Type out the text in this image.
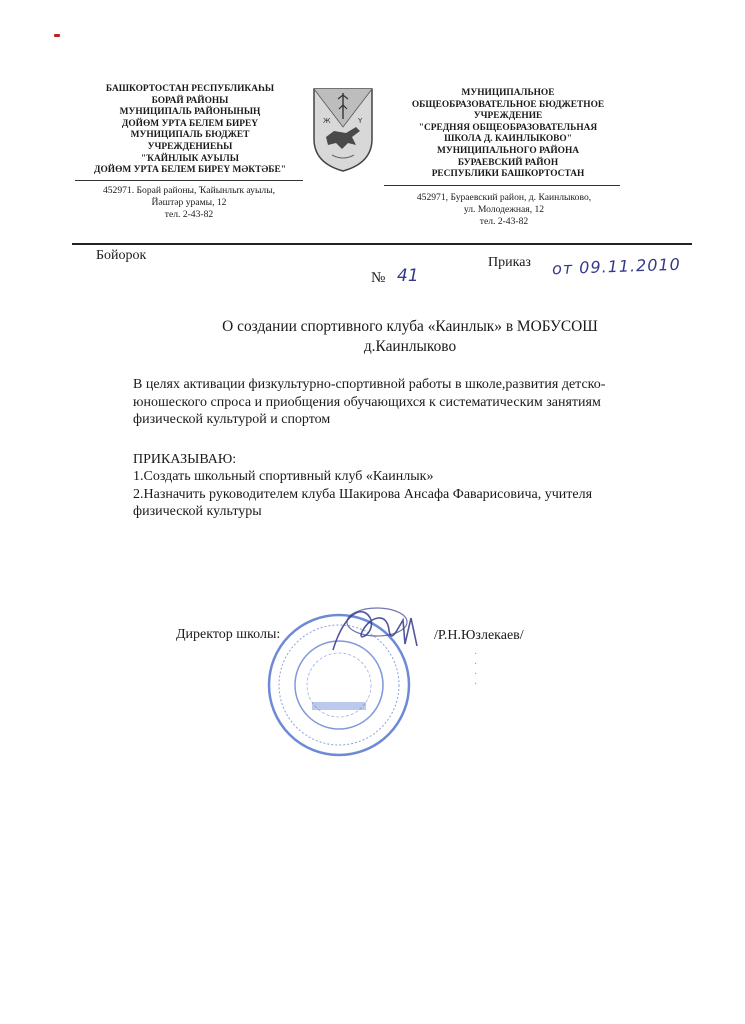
БАШКОРТОСТАН РЕСПУБЛИКАҺЫ
БОРАЙ РАЙОНЫ
МУНИЦИПАЛЬ РАЙОНЫНЫҢ
ДОЙӨМ УРТА БЕЛЕМ БИРЕҮ
МУНИЦИПАЛЬ БЮДЖЕТ
УЧРЕЖДЕНИЕҺЫ
"ҠАЙНЛЫК АУЫЛЫ
ДОЙӨМ УРТА БЕЛЕМ БИРЕҮ МӘКТӘБЕ"
452971. Борай районы, Ҡайынлыҡ ауылы,
Йәштәр урамы, 12
тел. 2-43-82
Ж	Ү
МУНИЦИПАЛЬНОЕ
ОБЩЕОБРАЗОВАТЕЛЬНОЕ БЮДЖЕТНОЕ
УЧРЕЖДЕНИЕ
"СРЕДНЯЯ ОБЩЕОБРАЗОВАТЕЛЬНАЯ
ШКОЛА Д. КАИНЛЫКОВО"
МУНИЦИПАЛЬНОГО РАЙОНА
БУРАЕВСКИЙ РАЙОН
РЕСПУБЛИКИ БАШКОРТОСТАН
452971, Бураевский район, д. Каинлыково,
ул. Молодежная, 12
тел. 2-43-82
Бойорок	Приказ от 09.11.2010
№ 41
О создании спортивного клуба «Каинлык» в МОБУСОШ
д.Каинлыково

В целях активации физкультурно-спортивной работы в школе,развития детско-юношеского спроса и приобщения обучающихся к систематическим занятиям физической культурой и спортом

ПРИКАЗЫВАЮ:

1.Создать школьный спортивный клуб «Каинлык»

2.Назначить руководителем клуба Шакирова Ансафа Фаварисовича, учителя физической культуры

Директор школы:	/Р.Н.Юзлекаев/
·
·
·
·
